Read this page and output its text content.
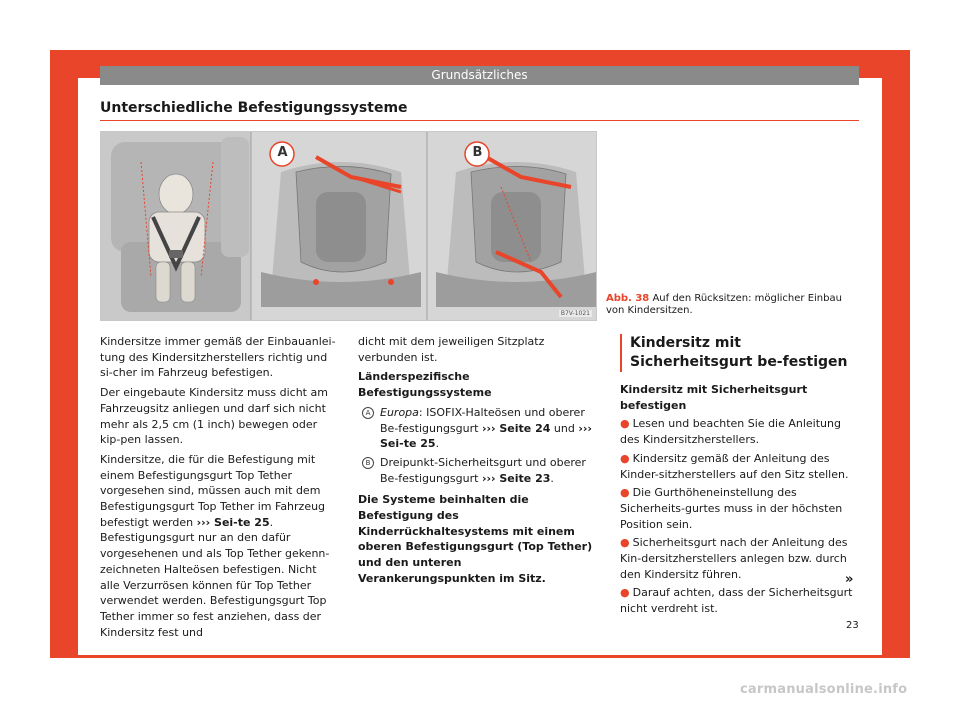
Grundsätzliches
Unterschiedliche Befestigungssysteme
A	B
B7V-1021
Abb. 38 Auf den Rücksitzen: möglicher Einbau von Kindersitzen.

Kindersitze immer gemäß der Einbauanlei-tung des Kindersitzherstellers richtig und si-cher im Fahrzeug befestigen.

Der eingebaute Kindersitz muss dicht am Fahrzeugsitz anliegen und darf sich nicht mehr als 2,5 cm (1 inch) bewegen oder kip-pen lassen.

Kindersitze, die für die Befestigung mit einem Befestigungsgurt Top Tether vorgesehen sind, müssen auch mit dem Befestigungsgurt Top Tether im Fahrzeug befestigt werden ››› Sei-te 25. Befestigungsgurt nur an den dafür vorgesehenen und als Top Tether gekenn-zeichneten Halteösen befestigen. Nicht alle Verzurrösen können für Top Tether verwendet werden. Befestigungsgurt Top Tether immer so fest anziehen, dass der Kindersitz fest und

dicht mit dem jeweiligen Sitzplatz verbunden ist.

Länderspezifische Befestigungssysteme
A Europa: ISOFIX-Halteösen und oberer Be-festigungsgurt ››› Seite 24 und ››› Sei-te 25.
B Dreipunkt-Sicherheitsgurt und oberer Be-festigungsgurt ››› Seite 23.

Die Systeme beinhalten die Befestigung des Kinderrückhaltesystems mit einem oberen Befestigungsgurt (Top Tether) und den unteren Verankerungspunkten im Sitz.

Kindersitz mit Sicherheitsgurt be-festigen
Kindersitz mit Sicherheitsgurt befestigen
● Lesen und beachten Sie die Anleitung des Kindersitzherstellers.
● Kindersitz gemäß der Anleitung des Kinder-sitzherstellers auf den Sitz stellen.
● Die Gurthöheneinstellung des Sicherheits-gurtes muss in der höchsten Position sein.
● Sicherheitsgurt nach der Anleitung des Kin-dersitzherstellers anlegen bzw. durch den Kindersitz führen.
● Darauf achten, dass der Sicherheitsgurt nicht verdreht ist.
»
23
carmanualsonline.info
